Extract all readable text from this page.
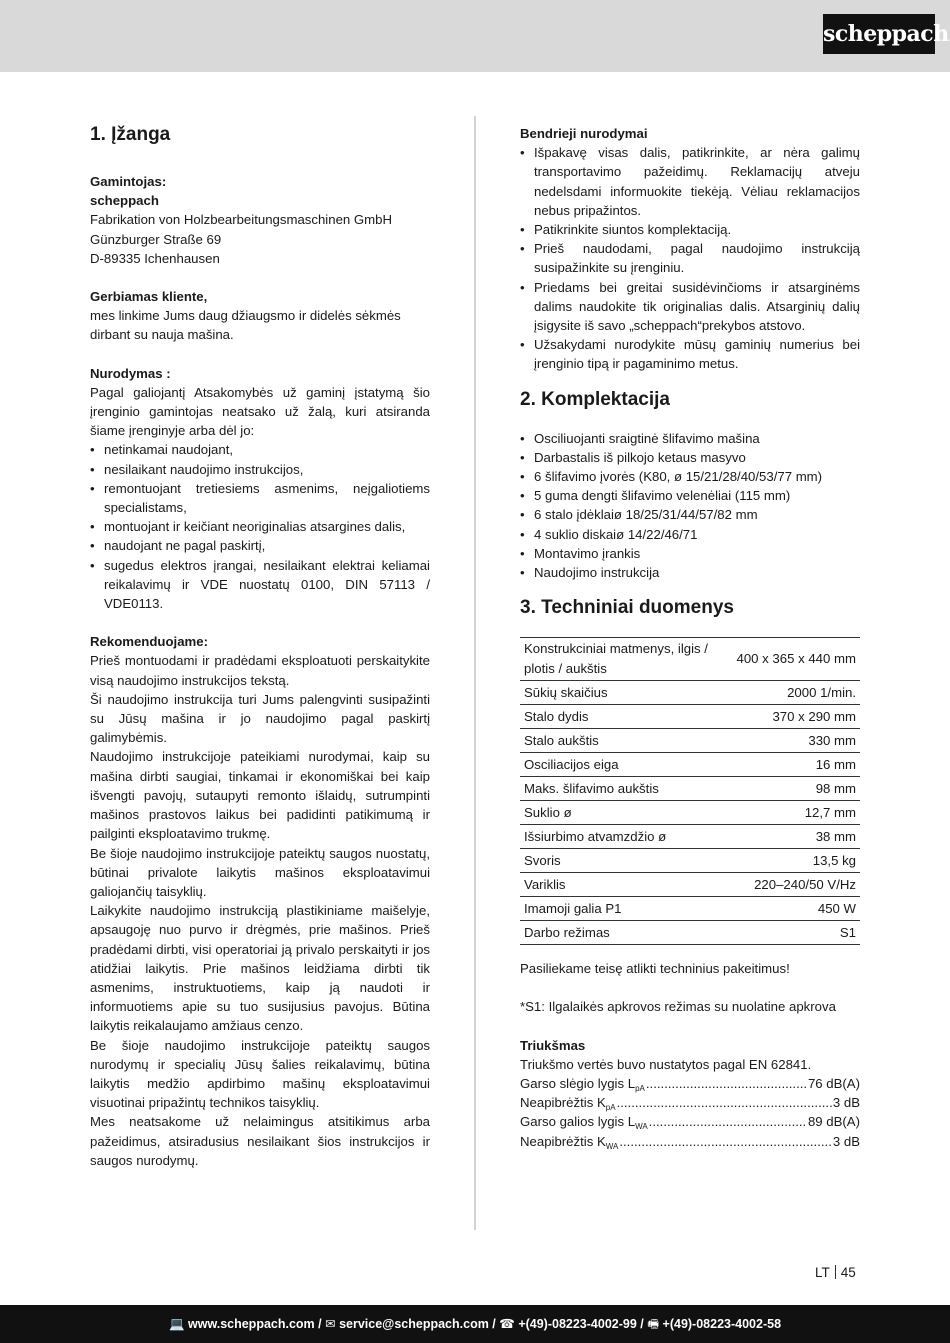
scheppach
1. Įžanga

Gamintojas:

scheppach

Fabrikation von Holzbearbeitungsmaschinen GmbH

Günzburger Straße 69

D-89335 Ichenhausen

Gerbiamas kliente,

mes linkime Jums daug džiaugsmo ir didelės sėkmės dirbant su nauja mašina.

Nurodymas :

Pagal galiojantį Atsakomybės už gaminį įstatymą šio įrenginio gamintojas neatsako už žalą, kuri atsiranda šiame įrenginyje arba dėl jo:

• netinkamai naudojant,
• nesilaikant naudojimo instrukcijos,
• remontuojant tretiesiems asmenims, neįgaliotiems specialistams,
• montuojant ir keičiant neoriginalias atsargines dalis,
• naudojant ne pagal paskirtį,
• sugedus elektros įrangai, nesilaikant elektrai keliamai reikalavimų ir VDE nuostatų 0100, DIN 57113 / VDE0113.

Rekomenduojame:

Prieš montuodami ir pradėdami eksploatuoti perskaitykite visą naudojimo instrukcijos tekstą.

Ši naudojimo instrukcija turi Jums palengvinti susipažinti su Jūsų mašina ir jo naudojimo pagal paskirtį galimybėmis.

Naudojimo instrukcijoje pateikiami nurodymai, kaip su mašina dirbti saugiai, tinkamai ir ekonomiškai bei kaip išvengti pavojų, sutaupyti remonto išlaidų, sutrumpinti mašinos prastovos laikus bei padidinti patikimumą ir pailginti eksploatavimo trukmę.

Be šioje naudojimo instrukcijoje pateiktų saugos nuostatų, būtinai privalote laikytis mašinos eksploatavimui galiojančių taisyklių.

Laikykite naudojimo instrukciją plastikiniame maišelyje, apsaugoję nuo purvo ir drėgmės, prie mašinos. Prieš pradėdami dirbti, visi operatoriai ją privalo perskaityti ir jos atidžiai laikytis. Prie mašinos leidžiama dirbti tik asmenims, instruktuotiems, kaip ją naudoti ir informuotiems apie su tuo susijusius pavojus. Būtina laikytis reikalaujamo amžiaus cenzo.

Be šioje naudojimo instrukcijoje pateiktų saugos nurodymų ir specialių Jūsų šalies reikalavimų, būtina laikytis medžio apdirbimo mašinų eksploatavimui visuotinai pripažintų technikos taisyklių.

Mes neatsakome už nelaimingus atsitikimus arba pažeidimus, atsiradusius nesilaikant šios instrukcijos ir saugos nurodymų.

Bendrieji nurodymai

• Išpakavę visas dalis, patikrinkite, ar nėra galimų transportavimo pažeidimų. Reklamacijų atveju nedelsdami informuokite tiekėją. Vėliau reklamacijos nebus pripažintos.
• Patikrinkite siuntos komplektaciją.
• Prieš naudodami, pagal naudojimo instrukciją susipažinkite su įrenginiu.
• Priedams bei greitai susidėvinčioms ir atsarginėms dalims naudokite tik originalias dalis. Atsarginių dalių įsigysite iš savo „scheppach“prekybos atstovo.
• Užsakydami nurodykite mūsų gaminių numerius bei įrenginio tipą ir pagaminimo metus.
2. Komplektacija
• Osciliuojanti sraigtinė šlifavimo mašina
• Darbastalis iš pilkojo ketaus masyvo
• 6 šlifavimo įvorės (K80, ø 15/21/28/40/53/77 mm)
• 5 guma dengti šlifavimo velenėliai (115 mm)
• 6 stalo įdėklaiø 18/25/31/44/57/82 mm
• 4 suklio diskaiø 14/22/46/71
• Montavimo įrankis
• Naudojimo instrukcija
3. Techniniai duomenys
Konstrukciniai matmenys, ilgis / plotis / aukštis	400 x 365 x 440 mm
Sūkių skaičius	2000 1/min.
Stalo dydis	370 x 290 mm
Stalo aukštis	330 mm
Osciliacijos eiga	16 mm
Maks. šlifavimo aukštis	98 mm
Suklio ø	12,7 mm
Išsiurbimo atvamzdžio ø	38 mm
Svoris	13,5 kg
Variklis	220–240/50 V/Hz
Imamoji galia P1	450 W
Darbo režimas	S1

Pasiliekame teisę atlikti techninius pakeitimus!

*S1: Ilgalaikės apkrovos režimas su nuolatine apkrova

Triukšmas

Triukšmo vertės buvo nustatytos pagal EN 62841.

Garso slėgio lygis $L_{pA}$ .....	76 dB(A)
Neapibrėžtis $K_{pA}$ .....	3 dB
Garso galios lygis $L_{WA}$ .....	89 dB(A)
Neapibrėžtis $K_{WA}$ .....	3 dB
LT 45
💻 www.scheppach.com / ✉ service@scheppach.com / ☎ +(49)-08223-4002-99 / 🖷 +(49)-08223-4002-58
